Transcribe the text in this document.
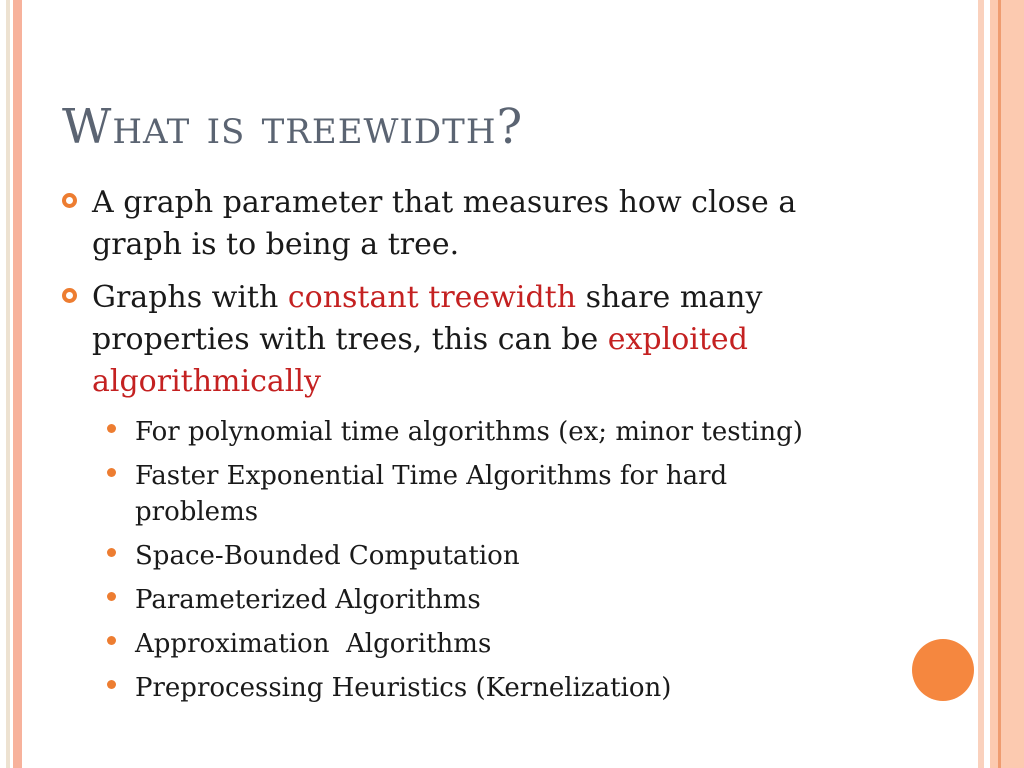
What is treewidth?
A graph parameter that measures how close a graph is to being a tree.
Graphs with constant treewidth share many properties with trees, this can be exploited algorithmically
For polynomial time algorithms (ex; minor testing)
Faster Exponential Time Algorithms for hard problems
Space-Bounded Computation
Parameterized Algorithms
Approximation  Algorithms
Preprocessing Heuristics (Kernelization)
